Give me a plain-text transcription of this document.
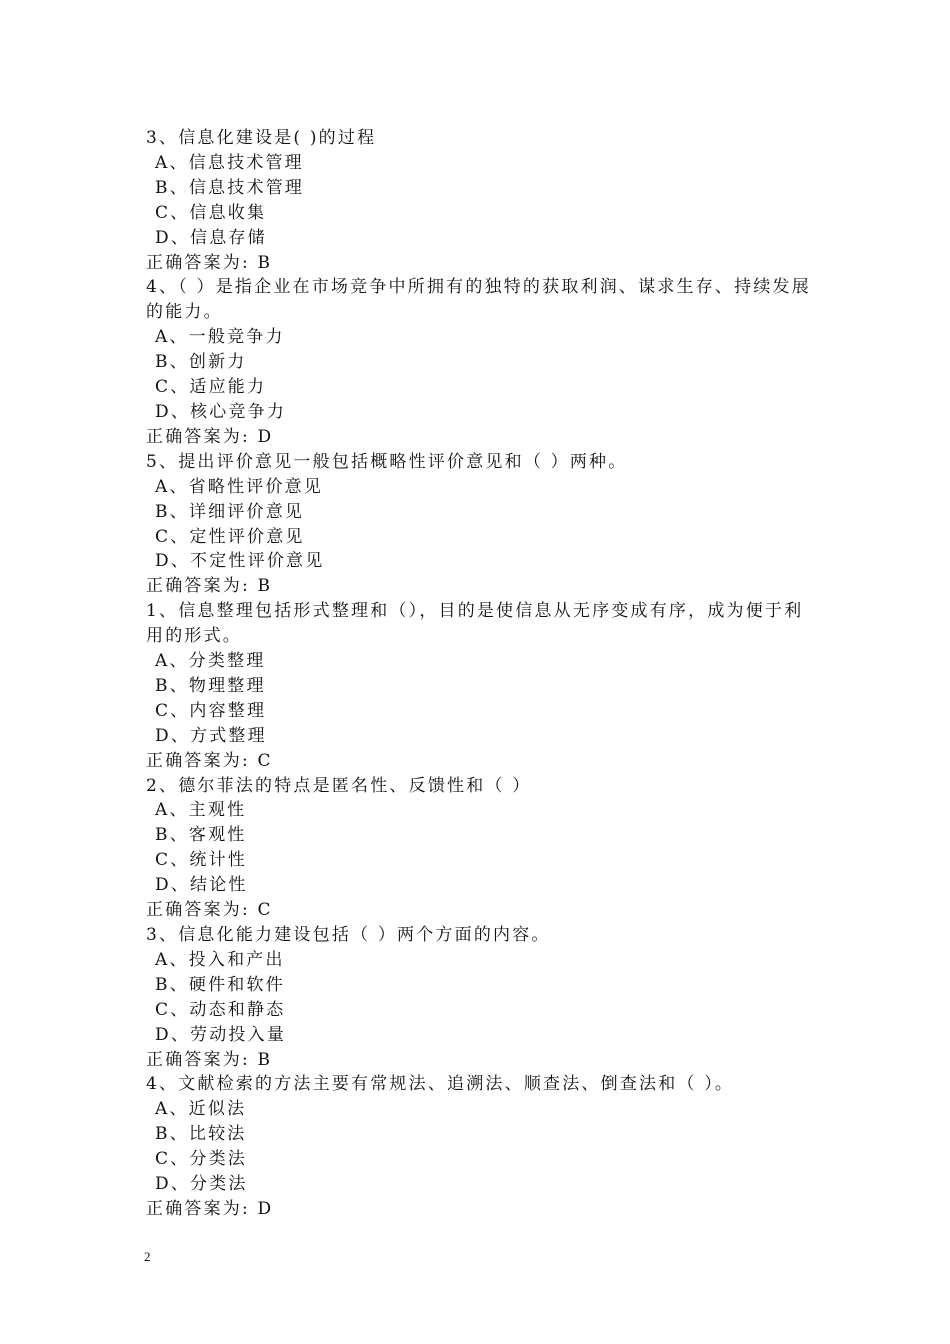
3、信息化建设是( )的过程
A、信息技术管理
B、信息技术管理
C、信息收集
D、信息存储
正确答案为: B
4、（ ）是指企业在市场竞争中所拥有的独特的获取利润、谋求生存、持续发展的能力。
A、一般竞争力
B、创新力
C、适应能力
D、核心竞争力
正确答案为: D
5、提出评价意见一般包括概略性评价意见和（ ）两种。
A、省略性评价意见
B、详细评价意见
C、定性评价意见
D、不定性评价意见
正确答案为: B
1、信息整理包括形式整理和（），目的是使信息从无序变成有序，成为便于利用的形式。
A、分类整理
B、物理整理
C、内容整理
D、方式整理
正确答案为: C
2、德尔菲法的特点是匿名性、反馈性和（ ）
A、主观性
B、客观性
C、统计性
D、结论性
正确答案为: C
3、信息化能力建设包括（ ）两个方面的内容。
A、投入和产出
B、硬件和软件
C、动态和静态
D、劳动投入量
正确答案为: B
4、文献检索的方法主要有常规法、追溯法、顺查法、倒查法和（ ）。
A、近似法
B、比较法
C、分类法
D、分类法
正确答案为: D
2
